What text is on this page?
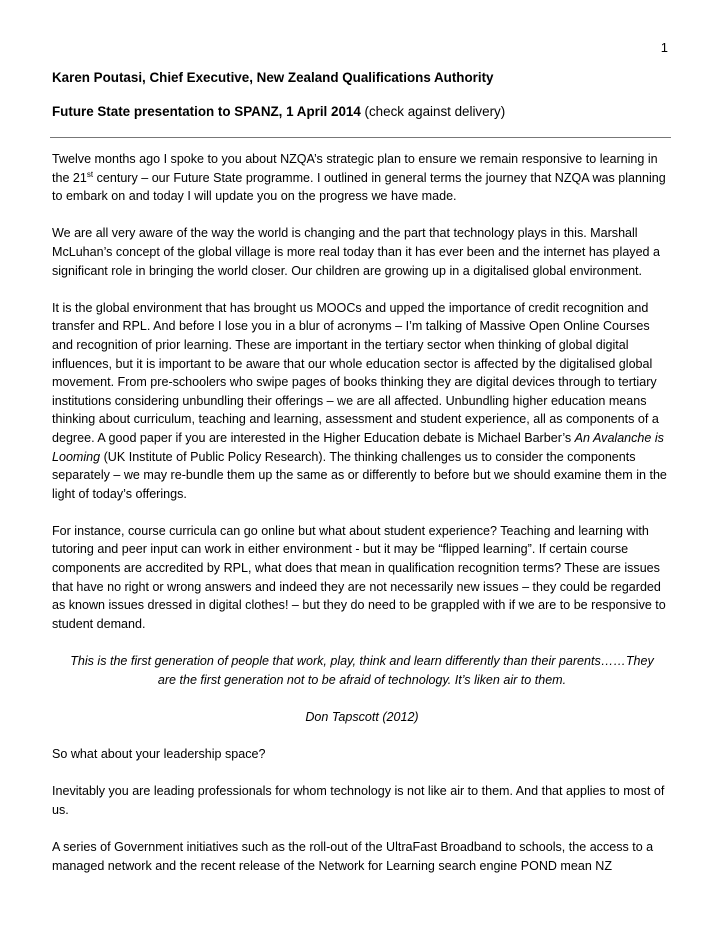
1
Karen Poutasi, Chief Executive, New Zealand Qualifications Authority
Future State presentation to SPANZ, 1 April 2014 (check against delivery)

Twelve months ago I spoke to you about NZQA’s strategic plan to ensure we remain responsive to learning in the 21st century – our Future State programme. I outlined in general terms the journey that NZQA was planning to embark on and today I will update you on the progress we have made.

We are all very aware of the way the world is changing and the part that technology plays in this. Marshall McLuhan’s concept of the global village is more real today than it has ever been and the internet has played a significant role in bringing the world closer. Our children are growing up in a digitalised global environment.

It is the global environment that has brought us MOOCs and upped the importance of credit recognition and transfer and RPL. And before I lose you in a blur of acronyms – I’m talking of Massive Open Online Courses and recognition of prior learning. These are important in the tertiary sector when thinking of global digital influences, but it is important to be aware that our whole education sector is affected by the digitalised global movement. From pre-schoolers who swipe pages of books thinking they are digital devices through to tertiary institutions considering unbundling their offerings – we are all affected. Unbundling higher education means thinking about curriculum, teaching and learning, assessment and student experience, all as components of a degree. A good paper if you are interested in the Higher Education debate is Michael Barber’s An Avalanche is Looming (UK Institute of Public Policy Research). The thinking challenges us to consider the components separately – we may re-bundle them up the same as or differently to before but we should examine them in the light of today’s offerings.

For instance, course curricula can go online but what about student experience? Teaching and learning with tutoring and peer input can work in either environment - but it may be “flipped learning”. If certain course components are accredited by RPL, what does that mean in qualification recognition terms? These are issues that have no right or wrong answers and indeed they are not necessarily new issues – they could be regarded as known issues dressed in digital clothes! – but they do need to be grappled with if we are to be responsive to student demand.

This is the first generation of people that work, play, think and learn differently than their parents……They are the first generation not to be afraid of technology. It’s liken air to them.

Don Tapscott (2012)

So what about your leadership space?

Inevitably you are leading professionals for whom technology is not like air to them. And that applies to most of us.

A series of Government initiatives such as the roll-out of the UltraFast Broadband to schools, the access to a managed network and the recent release of the Network for Learning search engine POND mean NZ
